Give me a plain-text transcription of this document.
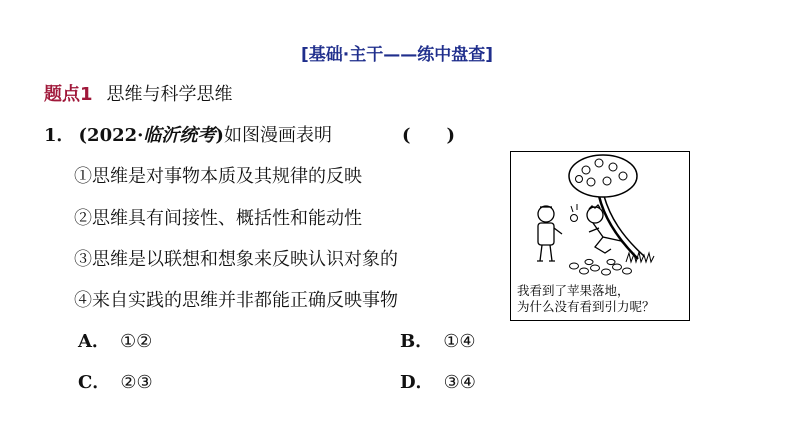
[基础·主干——练中盘查]
题点1 思维与科学思维
1． (2022·临沂统考)如图漫画表明	(　　)
①思维是对事物本质及其规律的反映
②思维具有间接性、概括性和能动性
③思维是以联想和想象来反映认识对象的
④来自实践的思维并非都能正确反映事物
A． ①②	B． ①④
C． ②③	D． ③④
我看到了苹果落地，
为什么没有看到引力呢？
